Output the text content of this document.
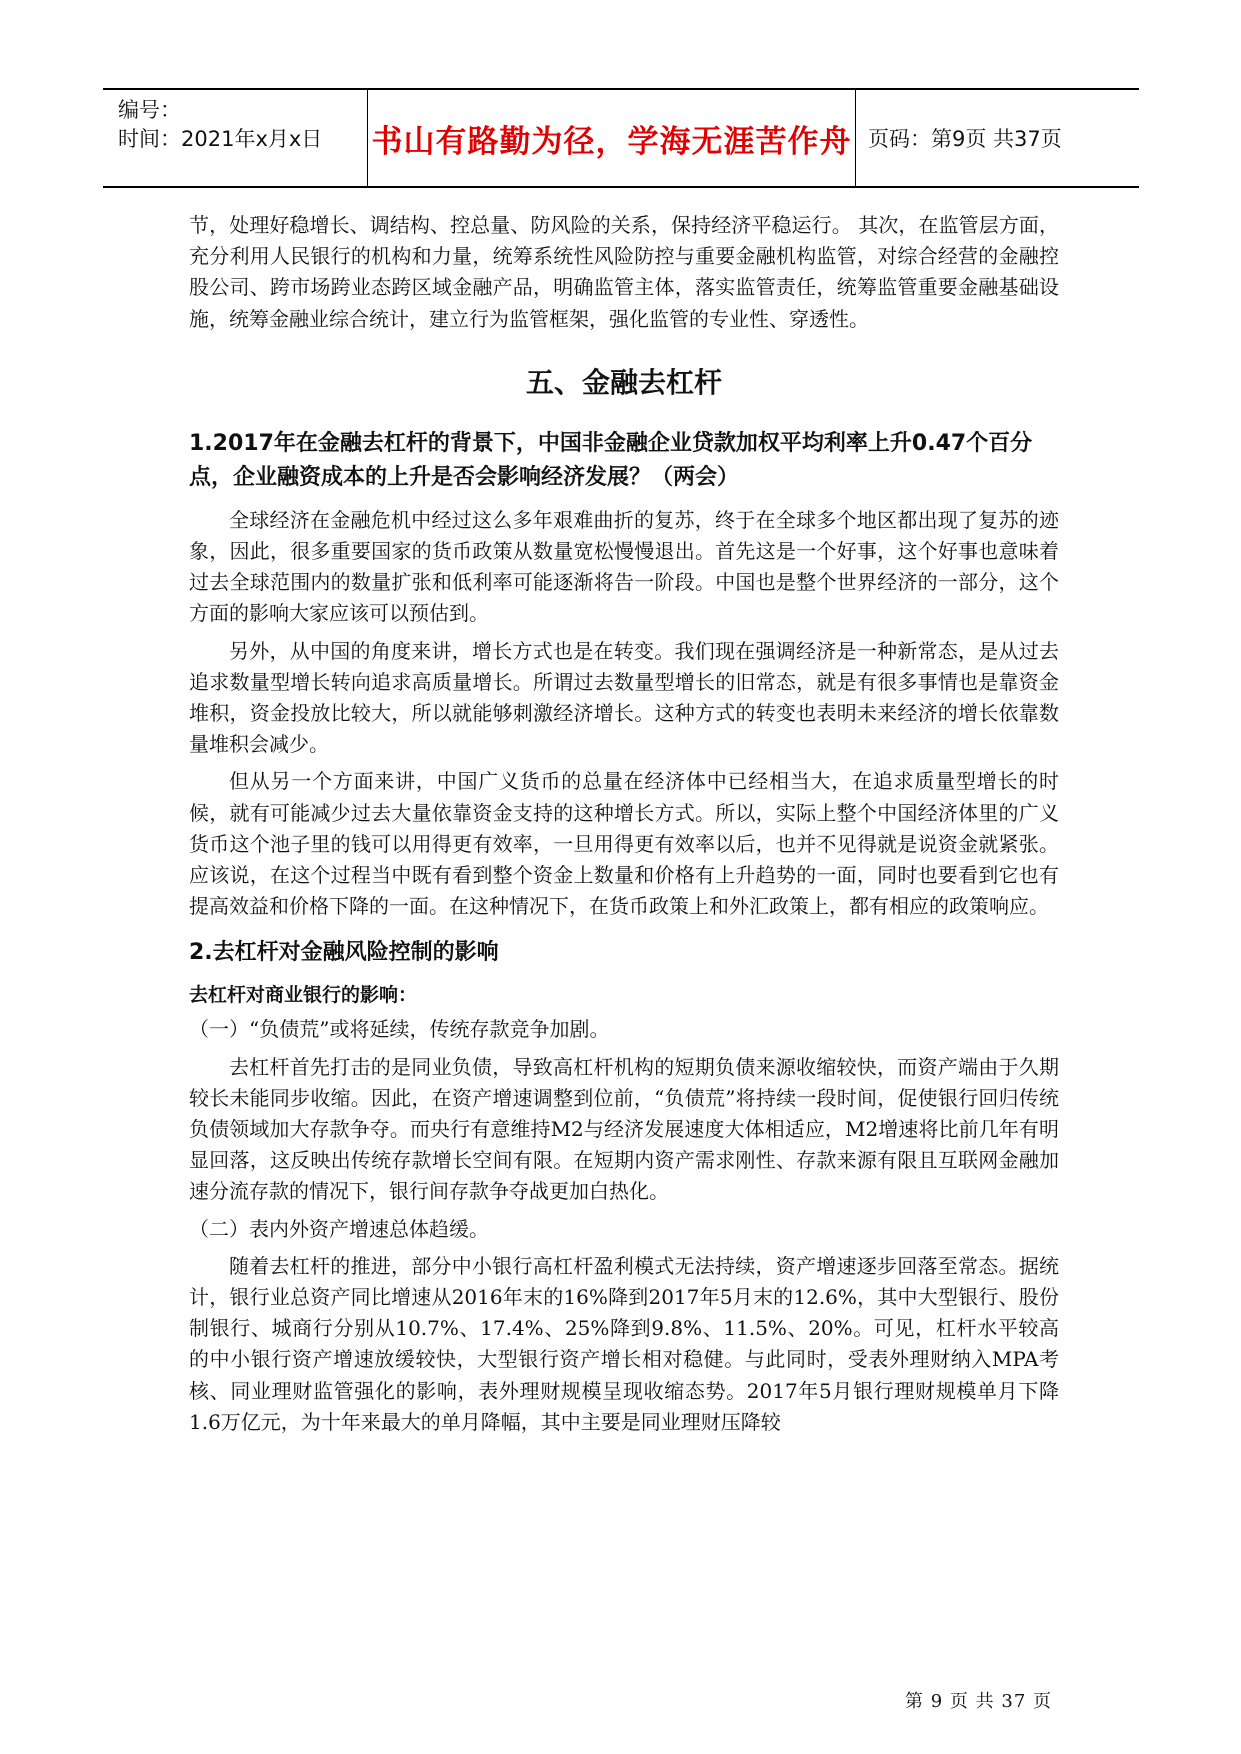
编号：
时间：2021年x月x日	书山有路勤为径，学海无涯苦作舟 页码：第9页 共37页

节，处理好稳增长、调结构、控总量、防风险的关系，保持经济平稳运行。 其次，在监管层方面，充分利用人民银行的机构和力量，统筹系统性风险防控与重要金融机构监管，对综合经营的金融控股公司、跨市场跨业态跨区域金融产品，明确监管主体，落实监管责任，统筹监管重要金融基础设施，统筹金融业综合统计，建立行为监管框架，强化监管的专业性、穿透性。

五、金融去杠杆
1.2017年在金融去杠杆的背景下，中国非金融企业贷款加权平均利率上升0.47个百分点，企业融资成本的上升是否会影响经济发展？（两会）

全球经济在金融危机中经过这么多年艰难曲折的复苏，终于在全球多个地区都出现了复苏的迹象，因此，很多重要国家的货币政策从数量宽松慢慢退出。首先这是一个好事，这个好事也意味着过去全球范围内的数量扩张和低利率可能逐渐将告一阶段。中国也是整个世界经济的一部分，这个方面的影响大家应该可以预估到。

另外，从中国的角度来讲，增长方式也是在转变。我们现在强调经济是一种新常态，是从过去追求数量型增长转向追求高质量增长。所谓过去数量型增长的旧常态，就是有很多事情也是靠资金堆积，资金投放比较大，所以就能够刺激经济增长。这种方式的转变也表明未来经济的增长依靠数量堆积会减少。

但从另一个方面来讲，中国广义货币的总量在经济体中已经相当大，在追求质量型增长的时候，就有可能减少过去大量依靠资金支持的这种增长方式。所以，实际上整个中国经济体里的广义货币这个池子里的钱可以用得更有效率，一旦用得更有效率以后，也并不见得就是说资金就紧张。应该说，在这个过程当中既有看到整个资金上数量和价格有上升趋势的一面，同时也要看到它也有提高效益和价格下降的一面。在这种情况下，在货币政策上和外汇政策上，都有相应的政策响应。

2.去杠杆对金融风险控制的影响
去杠杆对商业银行的影响：

（一）“负债荒”或将延续，传统存款竞争加剧。

去杠杆首先打击的是同业负债，导致高杠杆机构的短期负债来源收缩较快，而资产端由于久期较长未能同步收缩。因此，在资产增速调整到位前，“负债荒”将持续一段时间，促使银行回归传统负债领域加大存款争夺。而央行有意维持M2与经济发展速度大体相适应，M2增速将比前几年有明显回落，这反映出传统存款增长空间有限。在短期内资产需求刚性、存款来源有限且互联网金融加速分流存款的情况下，银行间存款争夺战更加白热化。

（二）表内外资产增速总体趋缓。

随着去杠杆的推进，部分中小银行高杠杆盈利模式无法持续，资产增速逐步回落至常态。据统计，银行业总资产同比增速从2016年末的16%降到2017年5月末的12.6%，其中大型银行、股份制银行、城商行分别从10.7%、17.4%、25%降到9.8%、11.5%、20%。可见，杠杆水平较高的中小银行资产增速放缓较快，大型银行资产增长相对稳健。与此同时，受表外理财纳入MPA考核、同业理财监管强化的影响，表外理财规模呈现收缩态势。2017年5月银行理财规模单月下降1.6万亿元，为十年来最大的单月降幅，其中主要是同业理财压降较

第 9 页 共 37 页
